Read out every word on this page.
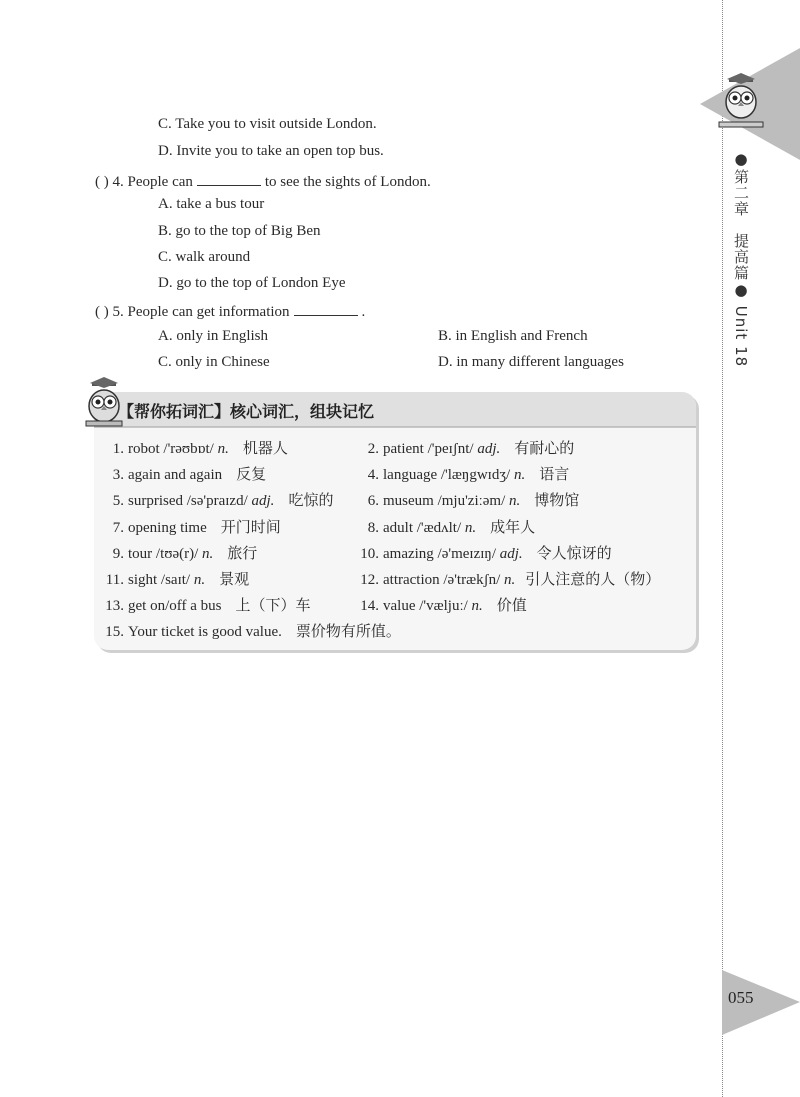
C. Take you to visit outside London.
D. Invite you to take an open top bus.
( ) 4. People can	to see the sights of London.
A. take a bus tour
B. go to the top of Big Ben
C. walk around
D. go to the top of London Eye
( ) 5. People can get information	.
A. only in English	B. in English and French
C. only in Chinese	D. in many different languages
【帮你拓词汇】核心词汇，组块记忆
1. robot /'rəʊbɒt/ n. 机器人	2. patient /'peɪʃnt/ adj. 有耐心的
3. again and again 反复	4. language /'læŋgwɪdʒ/ n. 语言
5. surprised /sə'praɪzd/ adj. 吃惊的	6. museum /mju'ziːəm/ n. 博物馆
7. opening time 开门时间	8. adult /'ædʌlt/ n. 成年人
9. tour /tʊə(r)/ n. 旅行	10. amazing /ə'meɪzɪŋ/ adj. 令人惊讶的
11. sight /saɪt/ n. 景观	12. attraction /ə'trækʃn/ n. 引人注意的人（物）
13. get on/off a bus 上（下）车	14. value /'væljuː/ n. 价值
15. Your ticket is good value. 票价物有所值。
●第二章　提高篇● Unit 18
055
